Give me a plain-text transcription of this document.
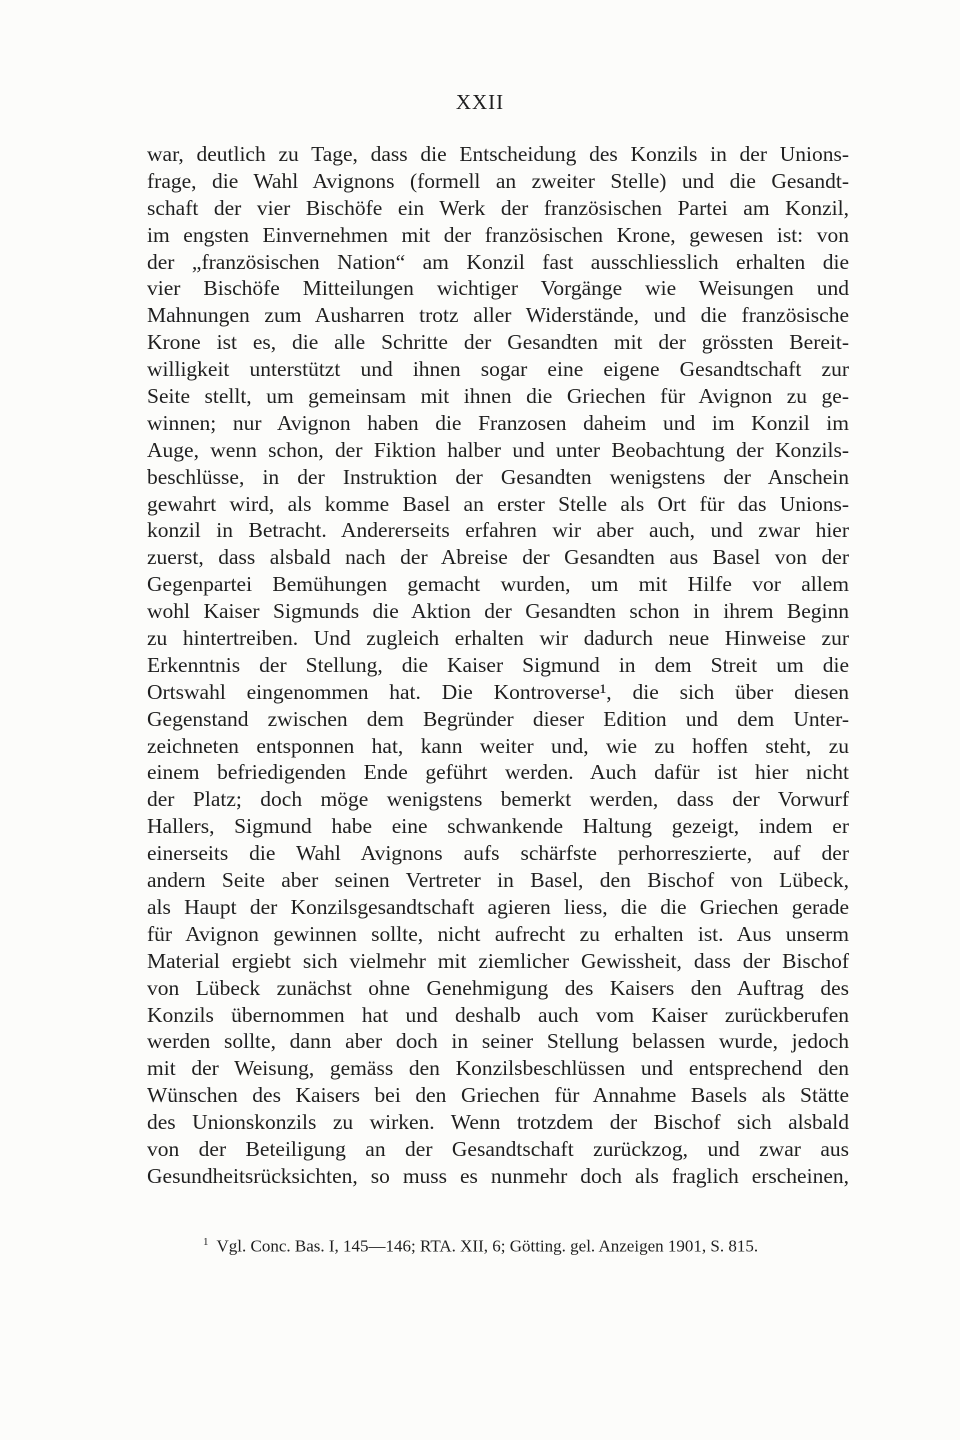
XXII
war, deutlich zu Tage, dass die Entscheidung des Konzils in der Unions-
frage, die Wahl Avignons (formell an zweiter Stelle) und die Gesandt-
schaft der vier Bischöfe ein Werk der französischen Partei am Konzil,
im engsten Einvernehmen mit der französischen Krone, gewesen ist: von
der „französischen Nation“ am Konzil fast ausschliesslich erhalten die
vier Bischöfe Mitteilungen wichtiger Vorgänge wie Weisungen und
Mahnungen zum Ausharren trotz aller Widerstände, und die französische
Krone ist es, die alle Schritte der Gesandten mit der grössten Bereit-
willigkeit unterstützt und ihnen sogar eine eigene Gesandtschaft zur
Seite stellt, um gemeinsam mit ihnen die Griechen für Avignon zu ge-
winnen; nur Avignon haben die Franzosen daheim und im Konzil im
Auge, wenn schon, der Fiktion halber und unter Beobachtung der Konzils-
beschlüsse, in der Instruktion der Gesandten wenigstens der Anschein
gewahrt wird, als komme Basel an erster Stelle als Ort für das Unions-
konzil in Betracht. Andererseits erfahren wir aber auch, und zwar hier
zuerst, dass alsbald nach der Abreise der Gesandten aus Basel von der
Gegenpartei Bemühungen gemacht wurden, um mit Hilfe vor allem
wohl Kaiser Sigmunds die Aktion der Gesandten schon in ihrem Beginn
zu hintertreiben. Und zugleich erhalten wir dadurch neue Hinweise zur
Erkenntnis der Stellung, die Kaiser Sigmund in dem Streit um die
Ortswahl eingenommen hat. Die Kontroverse¹, die sich über diesen
Gegenstand zwischen dem Begründer dieser Edition und dem Unter-
zeichneten entsponnen hat, kann weiter und, wie zu hoffen steht, zu
einem befriedigenden Ende geführt werden. Auch dafür ist hier nicht
der Platz; doch möge wenigstens bemerkt werden, dass der Vorwurf
Hallers, Sigmund habe eine schwankende Haltung gezeigt, indem er
einerseits die Wahl Avignons aufs schärfste perhorreszierte, auf der
andern Seite aber seinen Vertreter in Basel, den Bischof von Lübeck,
als Haupt der Konzilsgesandtschaft agieren liess, die die Griechen gerade
für Avignon gewinnen sollte, nicht aufrecht zu erhalten ist. Aus unserm
Material ergiebt sich vielmehr mit ziemlicher Gewissheit, dass der Bischof
von Lübeck zunächst ohne Genehmigung des Kaisers den Auftrag des
Konzils übernommen hat und deshalb auch vom Kaiser zurückberufen
werden sollte, dann aber doch in seiner Stellung belassen wurde, jedoch
mit der Weisung, gemäss den Konzilsbeschlüssen und entsprechend den
Wünschen des Kaisers bei den Griechen für Annahme Basels als Stätte
des Unionskonzils zu wirken. Wenn trotzdem der Bischof sich alsbald
von der Beteiligung an der Gesandtschaft zurückzog, und zwar aus
Gesundheitsrücksichten, so muss es nunmehr doch als fraglich erscheinen,
$^1$ Vgl. Conc. Bas. I, 145—146; RTA. XII, 6; Götting. gel. Anzeigen 1901, S. 815.
